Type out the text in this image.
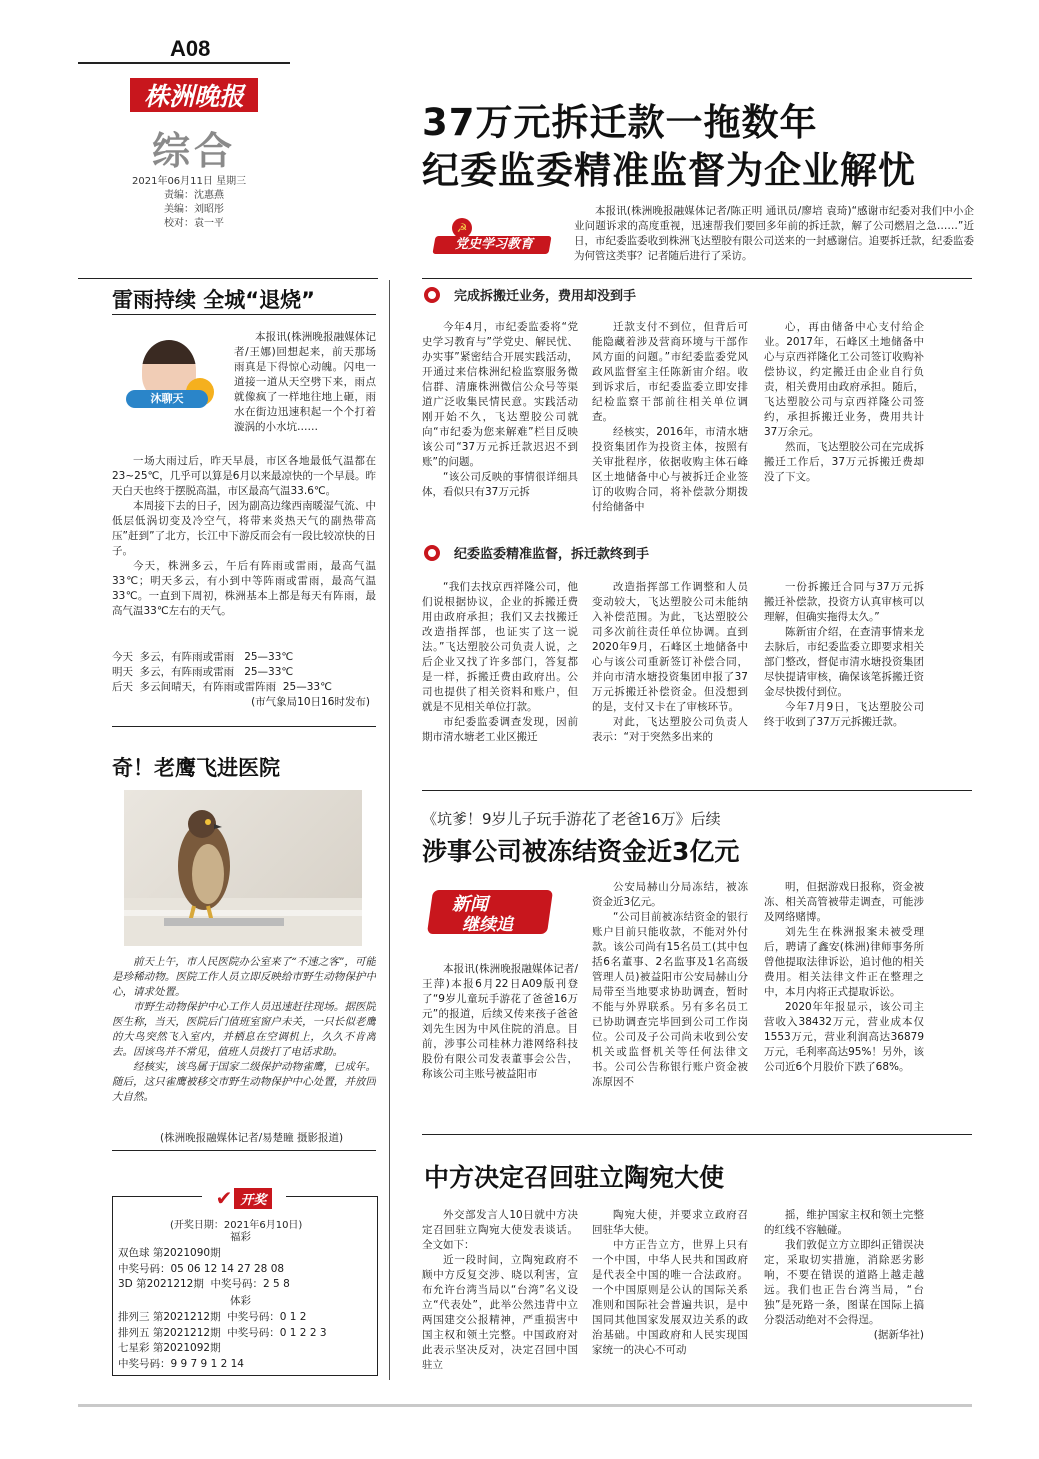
A08
株洲晚报
综合
2021年06月11日 星期三
责编：沈惠燕
美编：刘昭彤
校对：袁一平
37万元拆迁款一拖数年
纪委监委精准监督为企业解忧
☭
党史学习教育

本报讯(株洲晚报融媒体记者/陈正明 通讯员/廖培 袁琦)“感谢市纪委对我们中小企业问题诉求的高度重视，迅速帮我们要回多年前的拆迁款，解了公司燃眉之急……”近日，市纪委监委收到株洲飞达塑胶有限公司送来的一封感谢信。追要拆迁款，纪委监委为何管这类事？记者随后进行了采访。

完成拆搬迁业务，费用却没到手

今年4月，市纪委监委将“党史学习教育与”学党史、解民忧、办实事”紧密结合开展实践活动，开通过来信株洲纪检监察服务微信群、清廉株洲微信公众号等渠道广泛收集民情民意。实践活动刚开始不久，飞达塑胶公司就向“市纪委为您来解难”栏目反映该公司“37万元拆迁款迟迟不到账”的问题。

“该公司反映的事情很详细具体，看似只有37万元拆

迁款支付不到位，但背后可能隐藏着涉及营商环境与干部作风方面的问题。”市纪委监委党风政风监督室主任陈新宙介绍。收到诉求后，市纪委监委立即安排纪检监察干部前往相关单位调查。

经核实，2016年，市清水塘投资集团作为投资主体，按照有关审批程序，依据收购主体石峰区土地储备中心与被拆迁企业签订的收购合同，将补偿款分期拨付给储备中

心，再由储备中心支付给企业。2017年，石峰区土地储备中心与京西祥隆化工公司签订收购补偿协议，约定搬迁由企业自行负责，相关费用由政府承担。随后，飞达塑胶公司与京西祥隆公司签约，承担拆搬迁业务，费用共计37万余元。

然而，飞达塑胶公司在完成拆搬迁工作后，37万元拆搬迁费却没了下文。

纪委监委精准监督，拆迁款终到手

“我们去找京西祥隆公司，他们说根据协议，企业的拆搬迁费用由政府承担；我们又去找搬迁改造指挥部，也证实了这一说法。”飞达塑胶公司负责人说，之后企业又找了许多部门，答复都是一样，拆搬迁费由政府出。公司也提供了相关资料和账户，但就是不见相关单位打款。

市纪委监委调查发现，因前期市清水塘老工业区搬迁

改造指挥部工作调整和人员变动较大，飞达塑胶公司未能纳入补偿范围。为此，飞达塑胶公司多次前往责任单位协调。直到2020年9月，石峰区土地储备中心与该公司重新签订补偿合同，并向市清水塘投资集团申报了37万元拆搬迁补偿资金。但没想到的是，支付又卡在了审核环节。

对此，飞达塑胶公司负责人表示：“对于突然多出来的

一份拆搬迁合同与37万元拆搬迁补偿款，投资方认真审核可以理解，但确实拖得太久。”

陈新宙介绍，在查清事情来龙去脉后，市纪委监委立即要求相关部门整改，督促市清水塘投资集团尽快提请审核，确保该笔拆搬迁资金尽快拨付到位。

今年7月9日，飞达塑胶公司终于收到了37万元拆搬迁款。

雷雨持续 全城“退烧”
沐聊天

本报讯(株洲晚报融媒体记者/王娜)回想起来，前天那场雨真是下得惊心动魄。闪电一道接一道从天空劈下来，雨点就像疯了一样地往地上砸，雨水在街边迅速积起一个个打着漩涡的小水坑……

一场大雨过后，昨天早晨，市区各地最低气温都在23~25℃，几乎可以算是6月以来最凉快的一个早晨。昨天白天也终于摆脱高温，市区最高气温33.6℃。

本周接下去的日子，因为副高边缘西南暖湿气流、中低层低涡切变及冷空气，将带来炎热天气的副热带高压”赶到”了北方，长江中下游反而会有一段比较凉快的日子。

今天，株洲多云，午后有阵雨或雷雨，最高气温33℃；明天多云，有小到中等阵雨或雷雨，最高气温33℃。一直到下周初，株洲基本上都是每天有阵雨，最高气温33℃左右的天气。

今天  多云，有阵雨或雷雨   25—33℃
明天  多云，有阵雨或雷雨   25—33℃
后天  多云间晴天，有阵雨或雷阵雨  25—33℃
(市气象局10日16时发布)
奇！老鹰飞进医院

前天上午，市人民医院办公室来了“不速之客”，可能是珍稀动物。医院工作人员立即反映给市野生动物保护中心，请求处置。

市野生动物保护中心工作人员迅速赶往现场。据医院医生称，当天，医院后门值班室窗户未关，一只长似老鹰的大鸟突然飞入室内，并栖息在空调机上，久久不肯离去。因该鸟并不常见，值班人员拨打了电话求助。

经核实，该鸟属于国家二级保护动物雀鹰，已成年。随后，这只雀鹰被移交市野生动物保护中心处置，并放回大自然。

(株洲晚报融媒体记者/易楚瞳 摄影报道)
✔ 开奖
(开奖日期：2021年6月10日)
福彩
双色球 第2021090期
中奖号码：05 06 12 14 27 28 08
3D 第2021212期  中奖号码：2 5 8
体彩
排列三 第2021212期  中奖号码：0 1 2
排列五 第2021212期  中奖号码：0 1 2 2 3
七星彩 第2021092期
中奖号码：9 9 7 9 1 2 14
《坑爹！9岁儿子玩手游花了老爸16万》后续
涉事公司被冻结资金近3亿元
新闻
继续追

本报讯(株洲晚报融媒体记者/王萍)本报6月22日A09版刊登了“9岁儿童玩手游花了爸爸16万元”的报道，后续又传来孩子爸爸刘先生因为中风住院的消息。目前，涉事公司桂林力港网络科技股份有限公司发表董事会公告，称该公司主账号被益阳市

公安局赫山分局冻结，被冻资金近3亿元。

“公司目前被冻结资金的银行账户目前只能收款，不能对外付款。该公司尚有15名员工(其中包括6名董事、2名监事及1名高级管理人员)被益阳市公安局赫山分局带至当地要求协助调查，暂时不能与外界联系。另有多名员工已协助调查完毕回到公司工作岗位。公司及子公司尚未收到公安机关或监督机关等任何法律文书。公司公告称银行账户资金被冻原因不

明，但据游戏日报称，资金被冻、相关高管被带走调查，可能涉及网络赌博。

刘先生在株洲报案未被受理后，聘请了鑫安(株洲)律师事务所曾他提取法律诉讼，追讨他的相关费用。相关法律文件正在整理之中，本月内将正式提取诉讼。

2020年年报显示，该公司主营收入38432万元，营业成本仅1553万元，营业利润高达36879万元，毛利率高达95%！另外，该公司近6个月股价下跌了68%。

中方决定召回驻立陶宛大使

外交部发言人10日就中方决定召回驻立陶宛大使发表谈话。全文如下：

近一段时间，立陶宛政府不顾中方反复交涉、晓以利害，宣布允许台湾当局以“台湾”名义设立“代表处”，此举公然违背中立两国建交公报精神，严重损害中国主权和领土完整。中国政府对此表示坚决反对，决定召回中国驻立

陶宛大使，并要求立政府召回驻华大使。

中方正告立方，世界上只有一个中国，中华人民共和国政府是代表全中国的唯一合法政府。一个中国原则是公认的国际关系准则和国际社会普遍共识，是中国同其他国家发展双边关系的政治基础。中国政府和人民实现国家统一的决心不可动

摇，维护国家主权和领土完整的红线不容触碰。

我们敦促立方立即纠正错误决定，采取切实措施，消除恶劣影响，不要在错误的道路上越走越远。我们也正告台湾当局，“台独”是死路一条，图谋在国际上搞分裂活动绝对不会得逞。

(据新华社)
